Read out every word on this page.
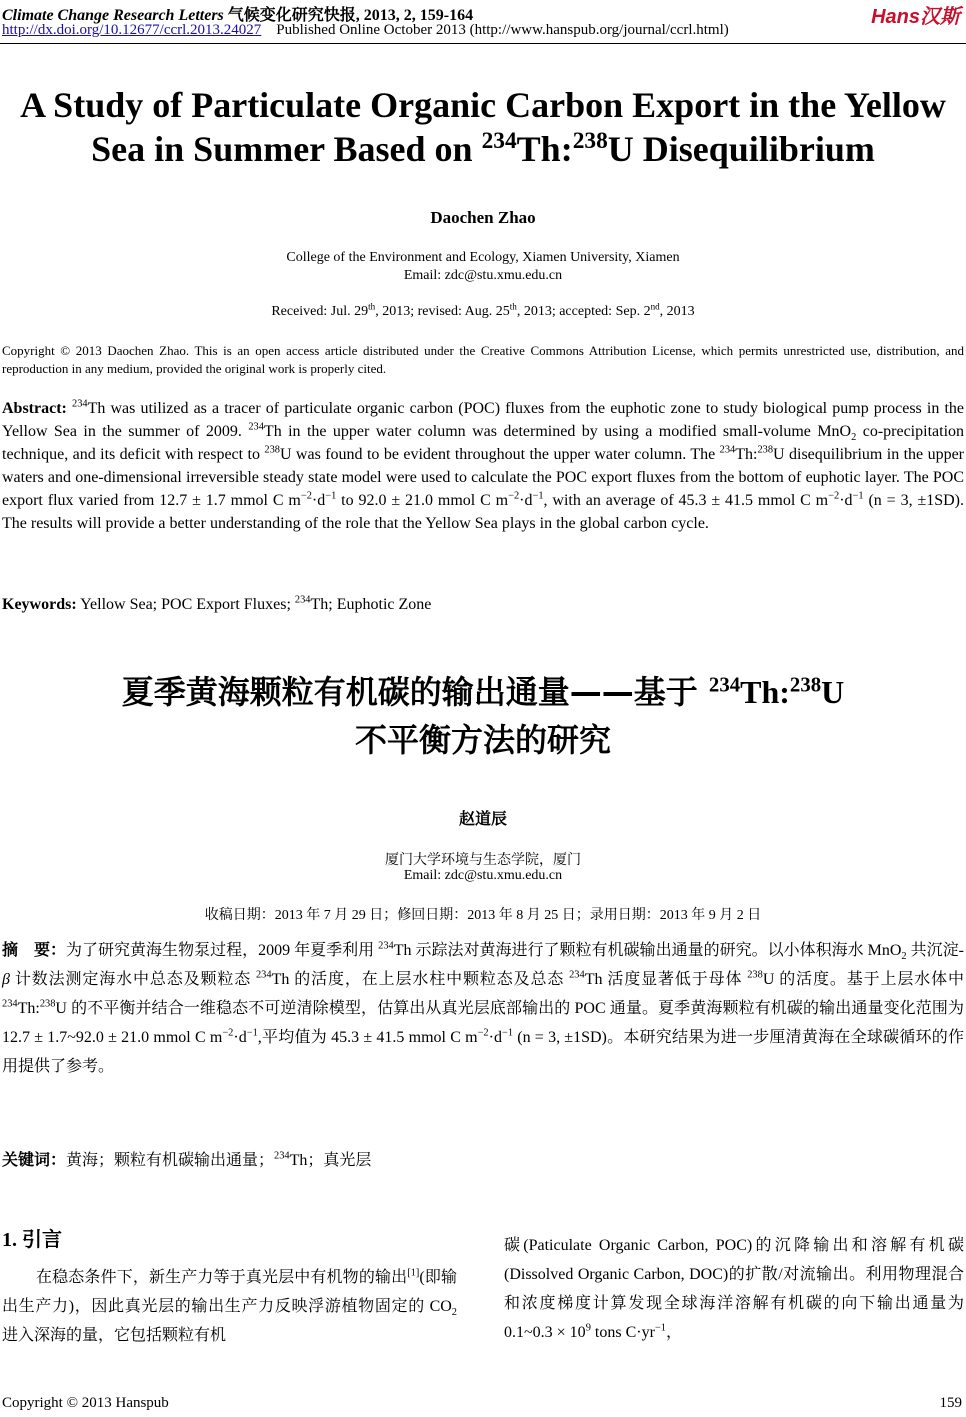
Climate Change Research Letters 气候变化研究快报, 2013, 2, 159-164	Hans汉斯
http://dx.doi.org/10.12677/ccrl.2013.24027 Published Online October 2013 (http://www.hanspub.org/journal/ccrl.html)
A Study of Particulate Organic Carbon Export in the Yellow
Sea in Summer Based on $^{234}$Th:$^{238}$U Disequilibrium
Daochen Zhao
College of the Environment and Ecology, Xiamen University, Xiamen
Email: zdc@stu.xmu.edu.cn
Received: Jul. 29th, 2013; revised: Aug. 25th, 2013; accepted: Sep. 2nd, 2013
Copyright © 2013 Daochen Zhao. This is an open access article distributed under the Creative Commons Attribution License, which permits unrestricted use, distribution, and reproduction in any medium, provided the original work is properly cited.
Abstract: $^{234}$Th was utilized as a tracer of particulate organic carbon (POC) fluxes from the euphotic zone to study biological pump process in the Yellow Sea in the summer of 2009. $^{234}$Th in the upper water column was determined by using a modified small-volume MnO$_2$ co-precipitation technique, and its deficit with respect to $^{238}$U was found to be evident throughout the upper water column. The $^{234}$Th:$^{238}$U disequilibrium in the upper waters and one-dimensional irreversible steady state model were used to calculate the POC export fluxes from the bottom of euphotic layer. The POC export flux varied from 12.7 ± 1.7 mmol C $m^{-2}\cdot d^{-1}$ to 92.0 ± 21.0 mmol C $m^{-2}\cdot d^{-1}$, with an average of 45.3 ± 41.5 mmol C $m^{-2}\cdot d^{-1}$ (n = 3, ±1SD). The results will provide a better understanding of the role that the Yellow Sea plays in the global carbon cycle.
Keywords: Yellow Sea; POC Export Fluxes; $^{234}$Th; Euphotic Zone
夏季黄海颗粒有机碳的输出通量——基于 $^{234}$Th:$^{238}$U
不平衡方法的研究
赵道辰
厦门大学环境与生态学院，厦门
Email: zdc@stu.xmu.edu.cn
收稿日期：2013 年 7 月 29 日；修回日期：2013 年 8 月 25 日；录用日期：2013 年 9 月 2 日
摘　要：为了研究黄海生物泵过程，2009 年夏季利用 $^{234}$Th 示踪法对黄海进行了颗粒有机碳输出通量的研究。以小体积海水 MnO$_2$ 共沉淀-β 计数法测定海水中总态及颗粒态 $^{234}$Th 的活度，在上层水柱中颗粒态及总态 $^{234}$Th 活度显著低于母体 $^{238}$U 的活度。基于上层水体中 $^{234}$Th:$^{238}$U 的不平衡并结合一维稳态不可逆清除模型，估算出从真光层底部输出的 POC 通量。夏季黄海颗粒有机碳的输出通量变化范围为 12.7 ± 1.7~92.0 ± 21.0 mmol C $m^{-2}\cdot d^{-1}$,平均值为 45.3 ± 41.5 mmol C $m^{-2}\cdot d^{-1}$ (n = 3, ±1SD)。本研究结果为进一步厘清黄海在全球碳循环的作用提供了参考。
关键词：黄海；颗粒有机碳输出通量；$^{234}$Th；真光层
1. 引言
在稳态条件下，新生产力等于真光层中有机物的输出[1](即输出生产力)，因此真光层的输出生产力反映浮游植物固定的 $CO_2$ 进入深海的量，它包括颗粒有机
碳(Paticulate Organic Carbon, POC)的沉降输出和溶解有机碳(Dissolved Organic Carbon, DOC)的扩散/对流输出。利用物理混合和浓度梯度计算发现全球海洋溶解有机碳的向下输出通量为 0.1~0.3 × $10^9$ tons $C\cdot yr^{-1}$，
Copyright © 2013 Hanspub	159
